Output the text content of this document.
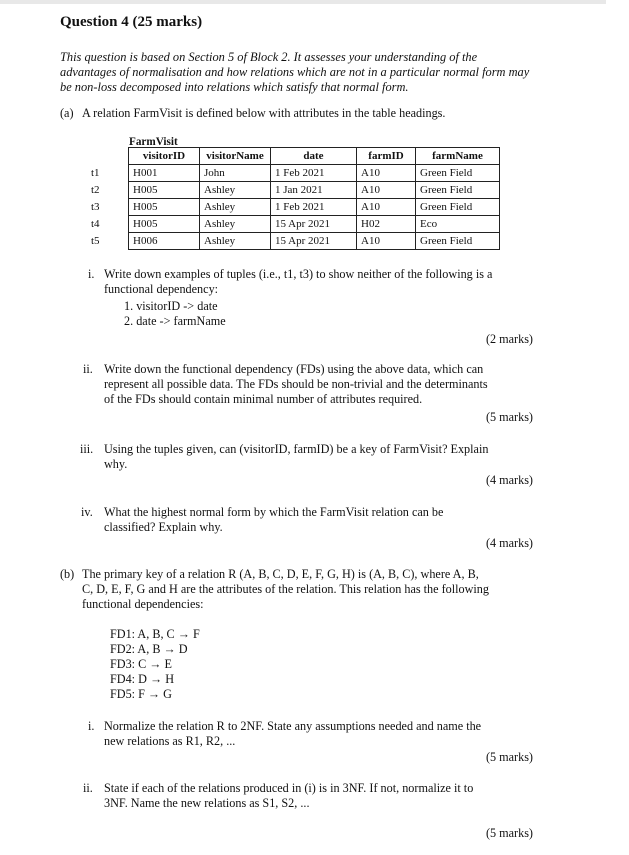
Question 4 (25 marks)
This question is based on Section 5 of Block 2. It assesses your understanding of the advantages of normalisation and how relations which are not in a particular normal form may be non-loss decomposed into relations which satisfy that normal form.
(a) A relation FarmVisit is defined below with attributes in the table headings.
FarmVisit
t1
t2
t3
t4
t5
visitorID	visitorName	date	farmID	farmName
H001	John	1 Feb 2021	A10	Green Field
H005	Ashley	1 Jan 2021	A10	Green Field
H005	Ashley	1 Feb 2021	A10	Green Field
H005	Ashley	15 Apr 2021	H02	Eco
H006	Ashley	15 Apr 2021	A10	Green Field
i. Write down examples of tuples (i.e., t1, t3) to show neither of the following is a
functional dependency:
1. visitorID -> date
2. date -> farmName
(2 marks)
ii. Write down the functional dependency (FDs) using the above data, which can
represent all possible data. The FDs should be non-trivial and the determinants
of the FDs should contain minimal number of attributes required.
(5 marks)
iii. Using the tuples given, can (visitorID, farmID) be a key of FarmVisit? Explain
why.
(4 marks)
iv. What the highest normal form by which the FarmVisit relation can be
classified? Explain why.
(4 marks)
(b) The primary key of a relation R (A, B, C, D, E, F, G, H) is (A, B, C), where A, B,
C, D, E, F, G and H are the attributes of the relation. This relation has the following
functional dependencies:
FD1: A, B, C → F
FD2: A, B → D
FD3: C → E
FD4: D → H
FD5: F → G
i. Normalize the relation R to 2NF. State any assumptions needed and name the
new relations as R1, R2, ...
(5 marks)
ii. State if each of the relations produced in (i) is in 3NF. If not, normalize it to
3NF. Name the new relations as S1, S2, ...
(5 marks)
